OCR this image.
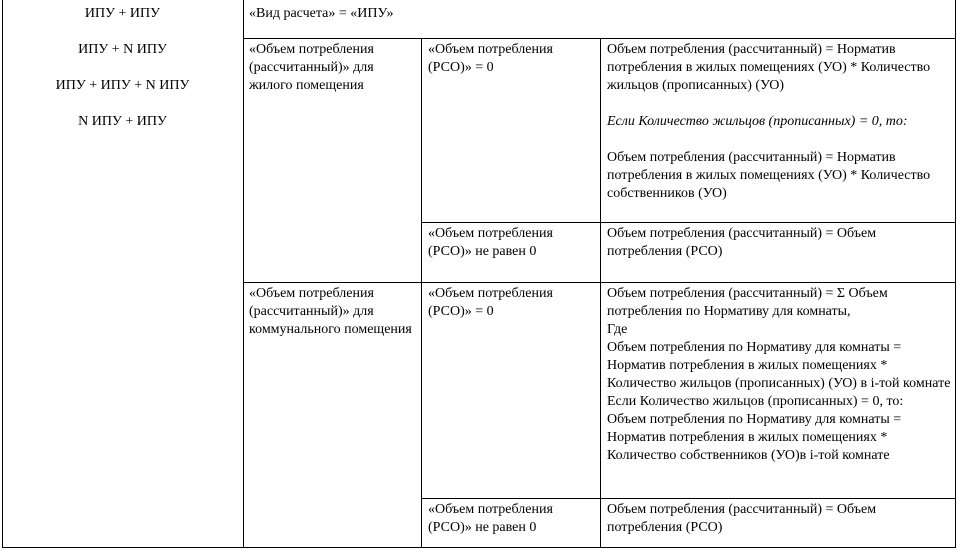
ИПУ + ИПУ
ИПУ + N ИПУ
ИПУ + ИПУ + N ИПУ
N ИПУ + ИПУ
«Вид расчета» = «ИПУ»
«Объем потребления (рассчитанный)» для жилого помещения
«Объем потребления (РСО)» = 0
Объем потребления (рассчитанный) = Норматив потребления в жилых помещениях (УО) * Количество жильцов (прописанных) (УО)
Если Количество жильцов (прописанных) = 0, то:
Объем потребления (рассчитанный) = Норматив потребления в жилых помещениях (УО) * Количество собственников (УО)
«Объем потребления (РСО)» не равен 0
Объем потребления (рассчитанный) = Объем потребления (РСО)
«Объем потребления (рассчитанный)» для коммунального помещения
«Объем потребления (РСО)» = 0
Объем потребления (рассчитанный) = Σ Объем потребления по Нормативу для комнаты,
Где
Объем потребления по Нормативу для комнаты = Норматив потребления в жилых помещениях * Количество жильцов (прописанных) (УО) в i-той комнате
Если Количество жильцов (прописанных) = 0, то:
Объем потребления по Нормативу для комнаты = Норматив потребления в жилых помещениях * Количество собственников (УО)в i-той комнате
«Объем потребления (РСО)» не равен 0
Объем потребления (рассчитанный) = Объем потребления (РСО)
